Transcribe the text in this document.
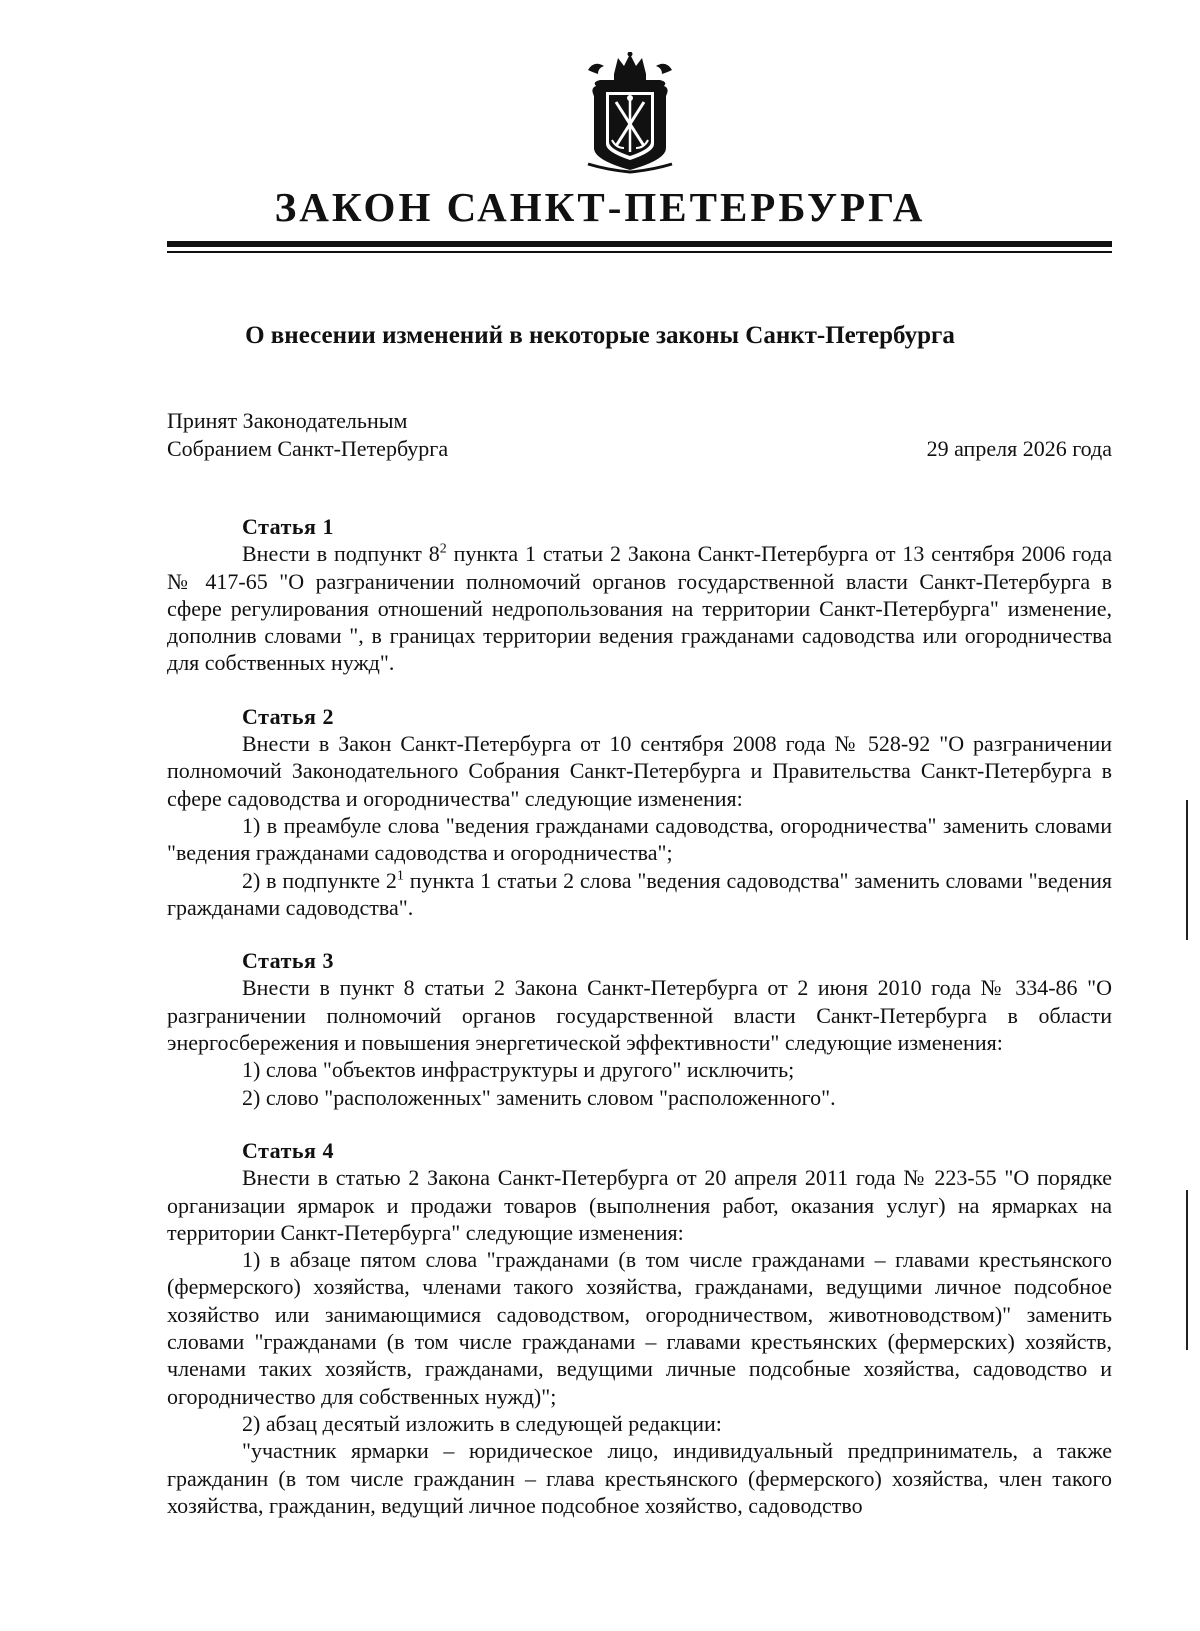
ЗАКОН САНКТ-ПЕТЕРБУРГА
О внесении изменений в некоторые законы Санкт-Петербурга
Принят Законодательным
Собранием Санкт-Петербурга	29 апреля 2026 года
Статья 1

Внести в подпункт $8^2$ пункта 1 статьи 2 Закона Санкт-Петербурга от 13 сентября 2006 года № 417-65 "О разграничении полномочий органов государственной власти Санкт-Петербурга в сфере регулирования отношений недропользования на территории Санкт-Петербурга" изменение, дополнив словами ", в границах территории ведения гражданами садоводства или огородничества для собственных нужд".

Статья 2

Внести в Закон Санкт-Петербурга от 10 сентября 2008 года № 528-92 "О разграничении полномочий Законодательного Собрания Санкт-Петербурга и Правительства Санкт-Петербурга в сфере садоводства и огородничества" следующие изменения:

1) в преамбуле слова "ведения гражданами садоводства, огородничества" заменить словами "ведения гражданами садоводства и огородничества";

2) в подпункте $2^1$ пункта 1 статьи 2 слова "ведения садоводства" заменить словами "ведения гражданами садоводства".

Статья 3

Внести в пункт 8 статьи 2 Закона Санкт-Петербурга от 2 июня 2010 года № 334-86 "О разграничении полномочий органов государственной власти Санкт-Петербурга в области энергосбережения и повышения энергетической эффективности" следующие изменения:

1) слова "объектов инфраструктуры и другого" исключить;

2) слово "расположенных" заменить словом "расположенного".

Статья 4

Внести в статью 2 Закона Санкт-Петербурга от 20 апреля 2011 года № 223-55 "О порядке организации ярмарок и продажи товаров (выполнения работ, оказания услуг) на ярмарках на территории Санкт-Петербурга" следующие изменения:

1) в абзаце пятом слова "гражданами (в том числе гражданами – главами крестьянского (фермерского) хозяйства, членами такого хозяйства, гражданами, ведущими личное подсобное хозяйство или занимающимися садоводством, огородничеством, животноводством)" заменить словами "гражданами (в том числе гражданами – главами крестьянских (фермерских) хозяйств, членами таких хозяйств, гражданами, ведущими личные подсобные хозяйства, садоводство и огородничество для собственных нужд)";

2) абзац десятый изложить в следующей редакции:

"участник ярмарки – юридическое лицо, индивидуальный предприниматель, а также гражданин (в том числе гражданин – глава крестьянского (фермерского) хозяйства, член такого хозяйства, гражданин, ведущий личное подсобное хозяйство, садоводство
